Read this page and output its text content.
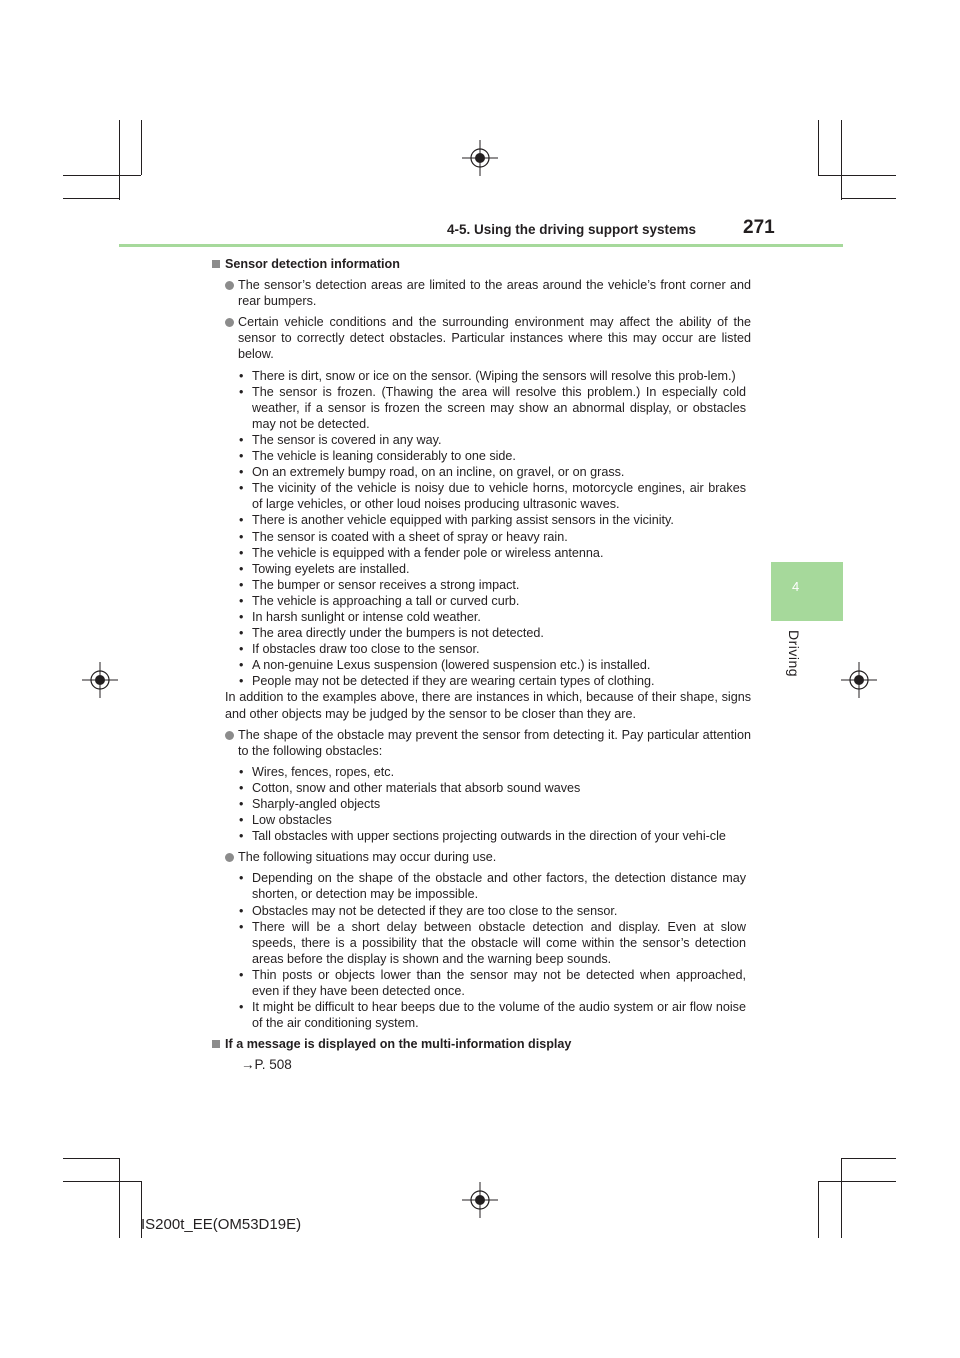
4-5. Using the driving support systems 271
4
Driving
Sensor detection information
The sensor’s detection areas are limited to the areas around the vehicle’s front corner and rear bumpers.
Certain vehicle conditions and the surrounding environment may affect the ability of the sensor to correctly detect obstacles. Particular instances where this may occur are listed below.
• There is dirt, snow or ice on the sensor. (Wiping the sensors will resolve this prob-lem.)
• The sensor is frozen. (Thawing the area will resolve this problem.) In especially cold weather, if a sensor is frozen the screen may show an abnormal display, or obstacles may not be detected.
• The sensor is covered in any way.
• The vehicle is leaning considerably to one side.
• On an extremely bumpy road, on an incline, on gravel, or on grass.
• The vicinity of the vehicle is noisy due to vehicle horns, motorcycle engines, air brakes of large vehicles, or other loud noises producing ultrasonic waves.
• There is another vehicle equipped with parking assist sensors in the vicinity.
• The sensor is coated with a sheet of spray or heavy rain.
• The vehicle is equipped with a fender pole or wireless antenna.
• Towing eyelets are installed.
• The bumper or sensor receives a strong impact.
• The vehicle is approaching a tall or curved curb.
• In harsh sunlight or intense cold weather.
• The area directly under the bumpers is not detected.
• If obstacles draw too close to the sensor.
• A non-genuine Lexus suspension (lowered suspension etc.) is installed.
• People may not be detected if they are wearing certain types of clothing.
In addition to the examples above, there are instances in which, because of their shape, signs and other objects may be judged by the sensor to be closer than they are.
The shape of the obstacle may prevent the sensor from detecting it. Pay particular attention to the following obstacles:
• Wires, fences, ropes, etc.
• Cotton, snow and other materials that absorb sound waves
• Sharply-angled objects
• Low obstacles
• Tall obstacles with upper sections projecting outwards in the direction of your vehi-cle
The following situations may occur during use.
• Depending on the shape of the obstacle and other factors, the detection distance may shorten, or detection may be impossible.
• Obstacles may not be detected if they are too close to the sensor.
• There will be a short delay between obstacle detection and display. Even at slow speeds, there is a possibility that the obstacle will come within the sensor’s detection areas before the display is shown and the warning beep sounds.
• Thin posts or objects lower than the sensor may not be detected when approached, even if they have been detected once.
• It might be difficult to hear beeps due to the volume of the audio system or air flow noise of the air conditioning system.
If a message is displayed on the multi-information display
→P. 508
IS200t_EE(OM53D19E)
